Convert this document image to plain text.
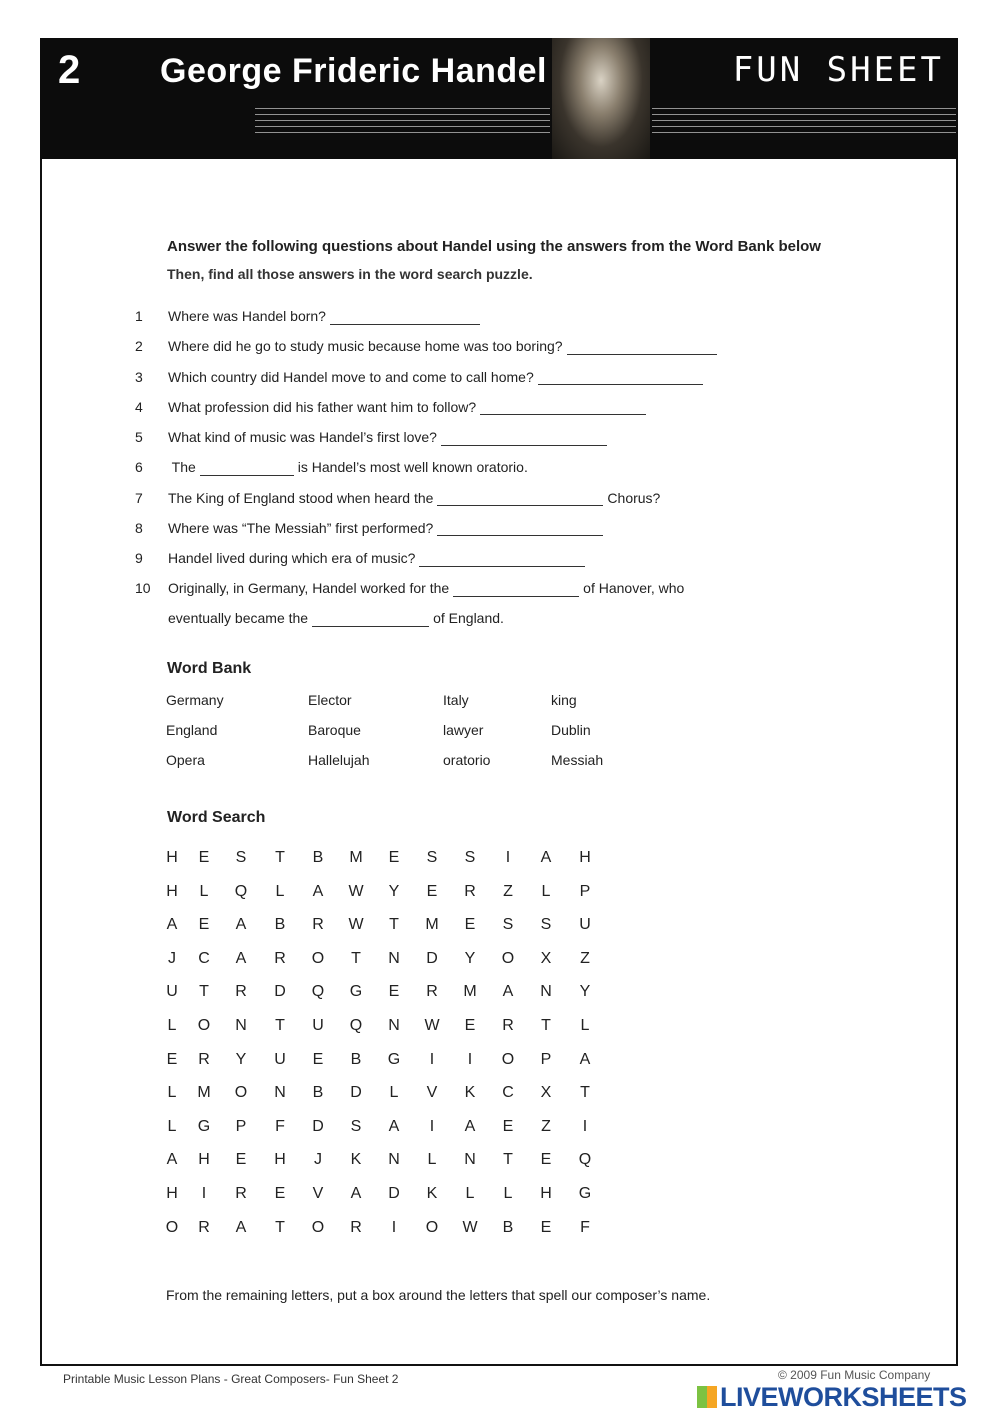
2 George Frideric Handel	FUN SHEET
Answer the following questions about Handel using the answers from the Word Bank below
Then, find all those answers in the word search puzzle.
1 Where was Handel born?
2 Where did he go to study music because home was too boring?
3 Which country did Handel move to and come to call home?
4 What profession did his father want him to follow?
5 What kind of music was Handel’s first love?
6 The	is Handel’s most well known oratorio.
7 The King of England stood when heard the	Chorus?
8 Where was “The Messiah” first performed?
9 Handel lived during which era of music?
10 Originally, in Germany, Handel worked for the	of Hanover, who
eventually became the	of England.
Word Bank
Germany	Elector	Italy	king
England	Baroque	lawyer	Dublin
Opera	Hallelujah	oratorio	Messiah
Word Search
H E S	T	B M E S S	I	A H
H	L	Q	L	A W Y E R	Z	L	P
A E A B R W	T	M E S S U
J	C A R O	T	N D Y O X	Z
U	T	R D Q G E R M A N Y
L	O N	T	U Q N W E R	T	L
E R Y U E B G	I	I	O P A
L	M O N B D	L	V K C X	T
L	G P	F	D S A	I	A E	Z	I
A H E H	J	K N	L	N	T	E Q
H	I	R E V A D K	L	L	H G
O R A	T	O R	I	O W B E	F
From the remaining letters, put a box around the letters that spell our composer’s name.
Printable Music Lesson Plans - Great Composers- Fun Sheet 2	© 2009 Fun Music Company
LIVEWORKSHEETS
